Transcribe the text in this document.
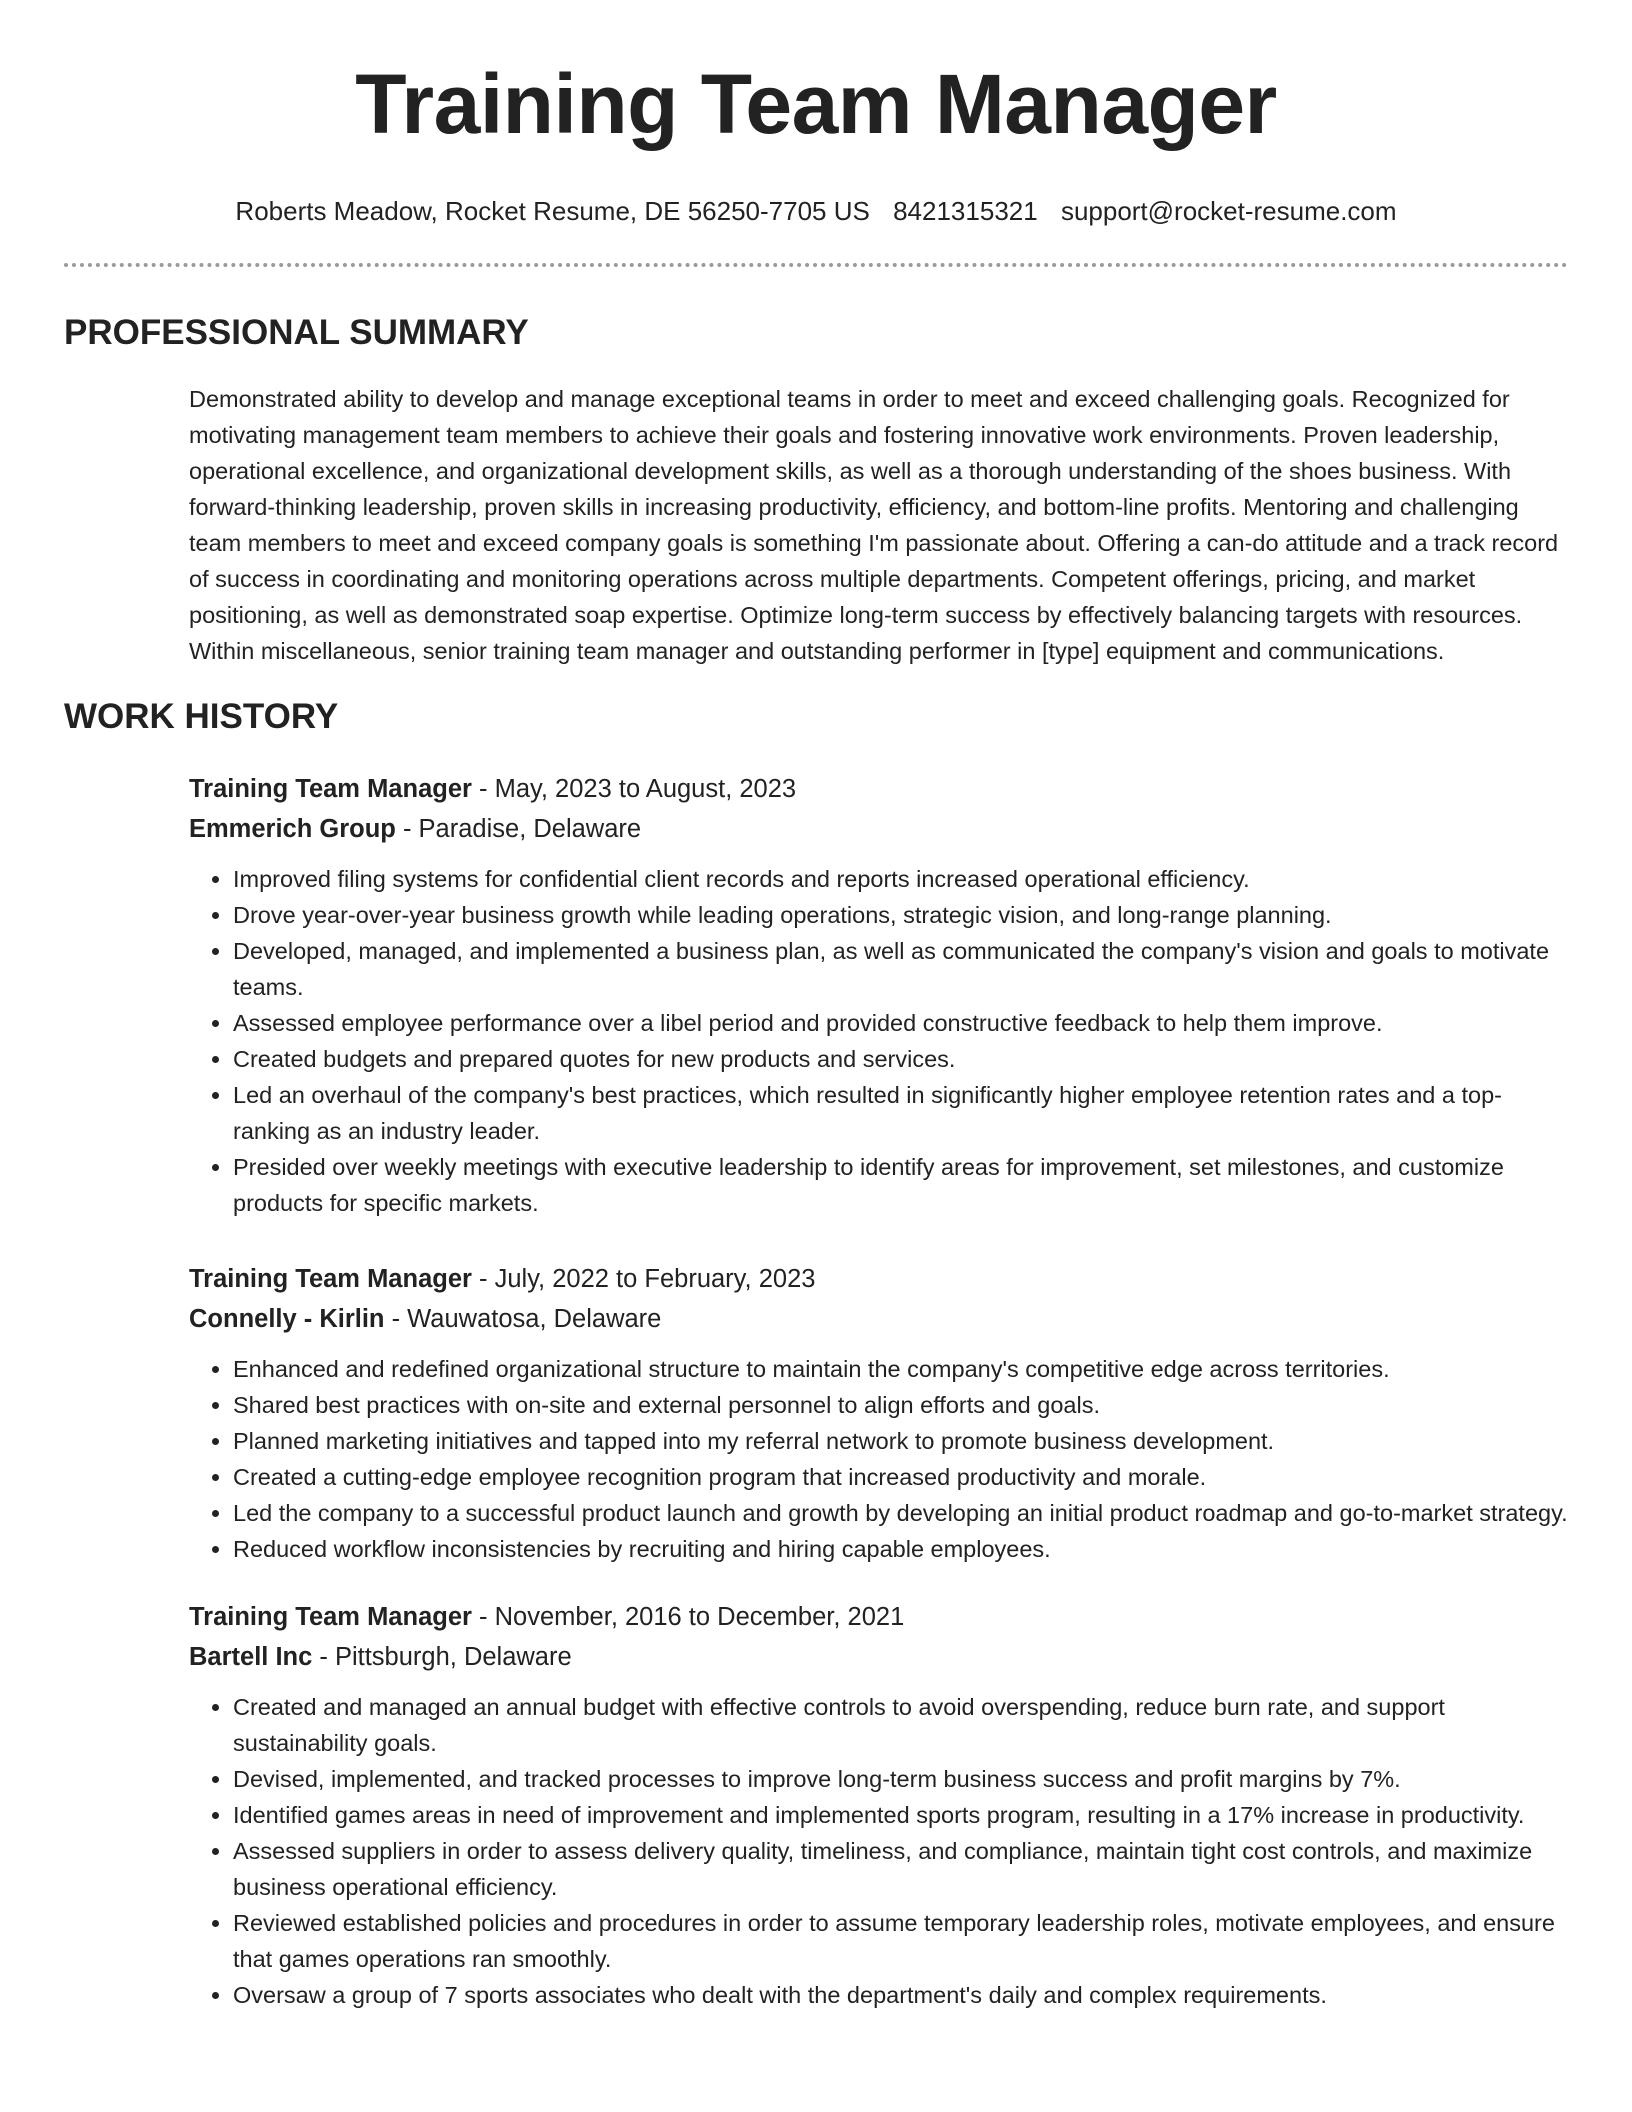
Training Team Manager
Roberts Meadow, Rocket Resume, DE 56250-7705 US 8421315321 support@rocket-resume.com
PROFESSIONAL SUMMARY
Demonstrated ability to develop and manage exceptional teams in order to meet and exceed challenging goals. Recognized for motivating management team members to achieve their goals and fostering innovative work environments. Proven leadership, operational excellence, and organizational development skills, as well as a thorough understanding of the shoes business. With forward-thinking leadership, proven skills in increasing productivity, efficiency, and bottom-line profits. Mentoring and challenging team members to meet and exceed company goals is something I'm passionate about. Offering a can-do attitude and a track record of success in coordinating and monitoring operations across multiple departments. Competent offerings, pricing, and market positioning, as well as demonstrated soap expertise. Optimize long-term success by effectively balancing targets with resources. Within miscellaneous, senior training team manager and outstanding performer in [type] equipment and communications.
WORK HISTORY
Training Team Manager - May, 2023 to August, 2023
Emmerich Group - Paradise, Delaware
• Improved filing systems for confidential client records and reports increased operational efficiency.
• Drove year-over-year business growth while leading operations, strategic vision, and long-range planning.
• Developed, managed, and implemented a business plan, as well as communicated the company's vision and goals to motivate teams.
• Assessed employee performance over a libel period and provided constructive feedback to help them improve.
• Created budgets and prepared quotes for new products and services.
• Led an overhaul of the company's best practices, which resulted in significantly higher employee retention rates and a top-ranking as an industry leader.
• Presided over weekly meetings with executive leadership to identify areas for improvement, set milestones, and customize products for specific markets.
Training Team Manager - July, 2022 to February, 2023
Connelly - Kirlin - Wauwatosa, Delaware
• Enhanced and redefined organizational structure to maintain the company's competitive edge across territories.
• Shared best practices with on-site and external personnel to align efforts and goals.
• Planned marketing initiatives and tapped into my referral network to promote business development.
• Created a cutting-edge employee recognition program that increased productivity and morale.
• Led the company to a successful product launch and growth by developing an initial product roadmap and go-to-market strategy.
• Reduced workflow inconsistencies by recruiting and hiring capable employees.
Training Team Manager - November, 2016 to December, 2021
Bartell Inc - Pittsburgh, Delaware
• Created and managed an annual budget with effective controls to avoid overspending, reduce burn rate, and support sustainability goals.
• Devised, implemented, and tracked processes to improve long-term business success and profit margins by 7%.
• Identified games areas in need of improvement and implemented sports program, resulting in a 17% increase in productivity.
• Assessed suppliers in order to assess delivery quality, timeliness, and compliance, maintain tight cost controls, and maximize business operational efficiency.
• Reviewed established policies and procedures in order to assume temporary leadership roles, motivate employees, and ensure that games operations ran smoothly.
• Oversaw a group of 7 sports associates who dealt with the department's daily and complex requirements.
